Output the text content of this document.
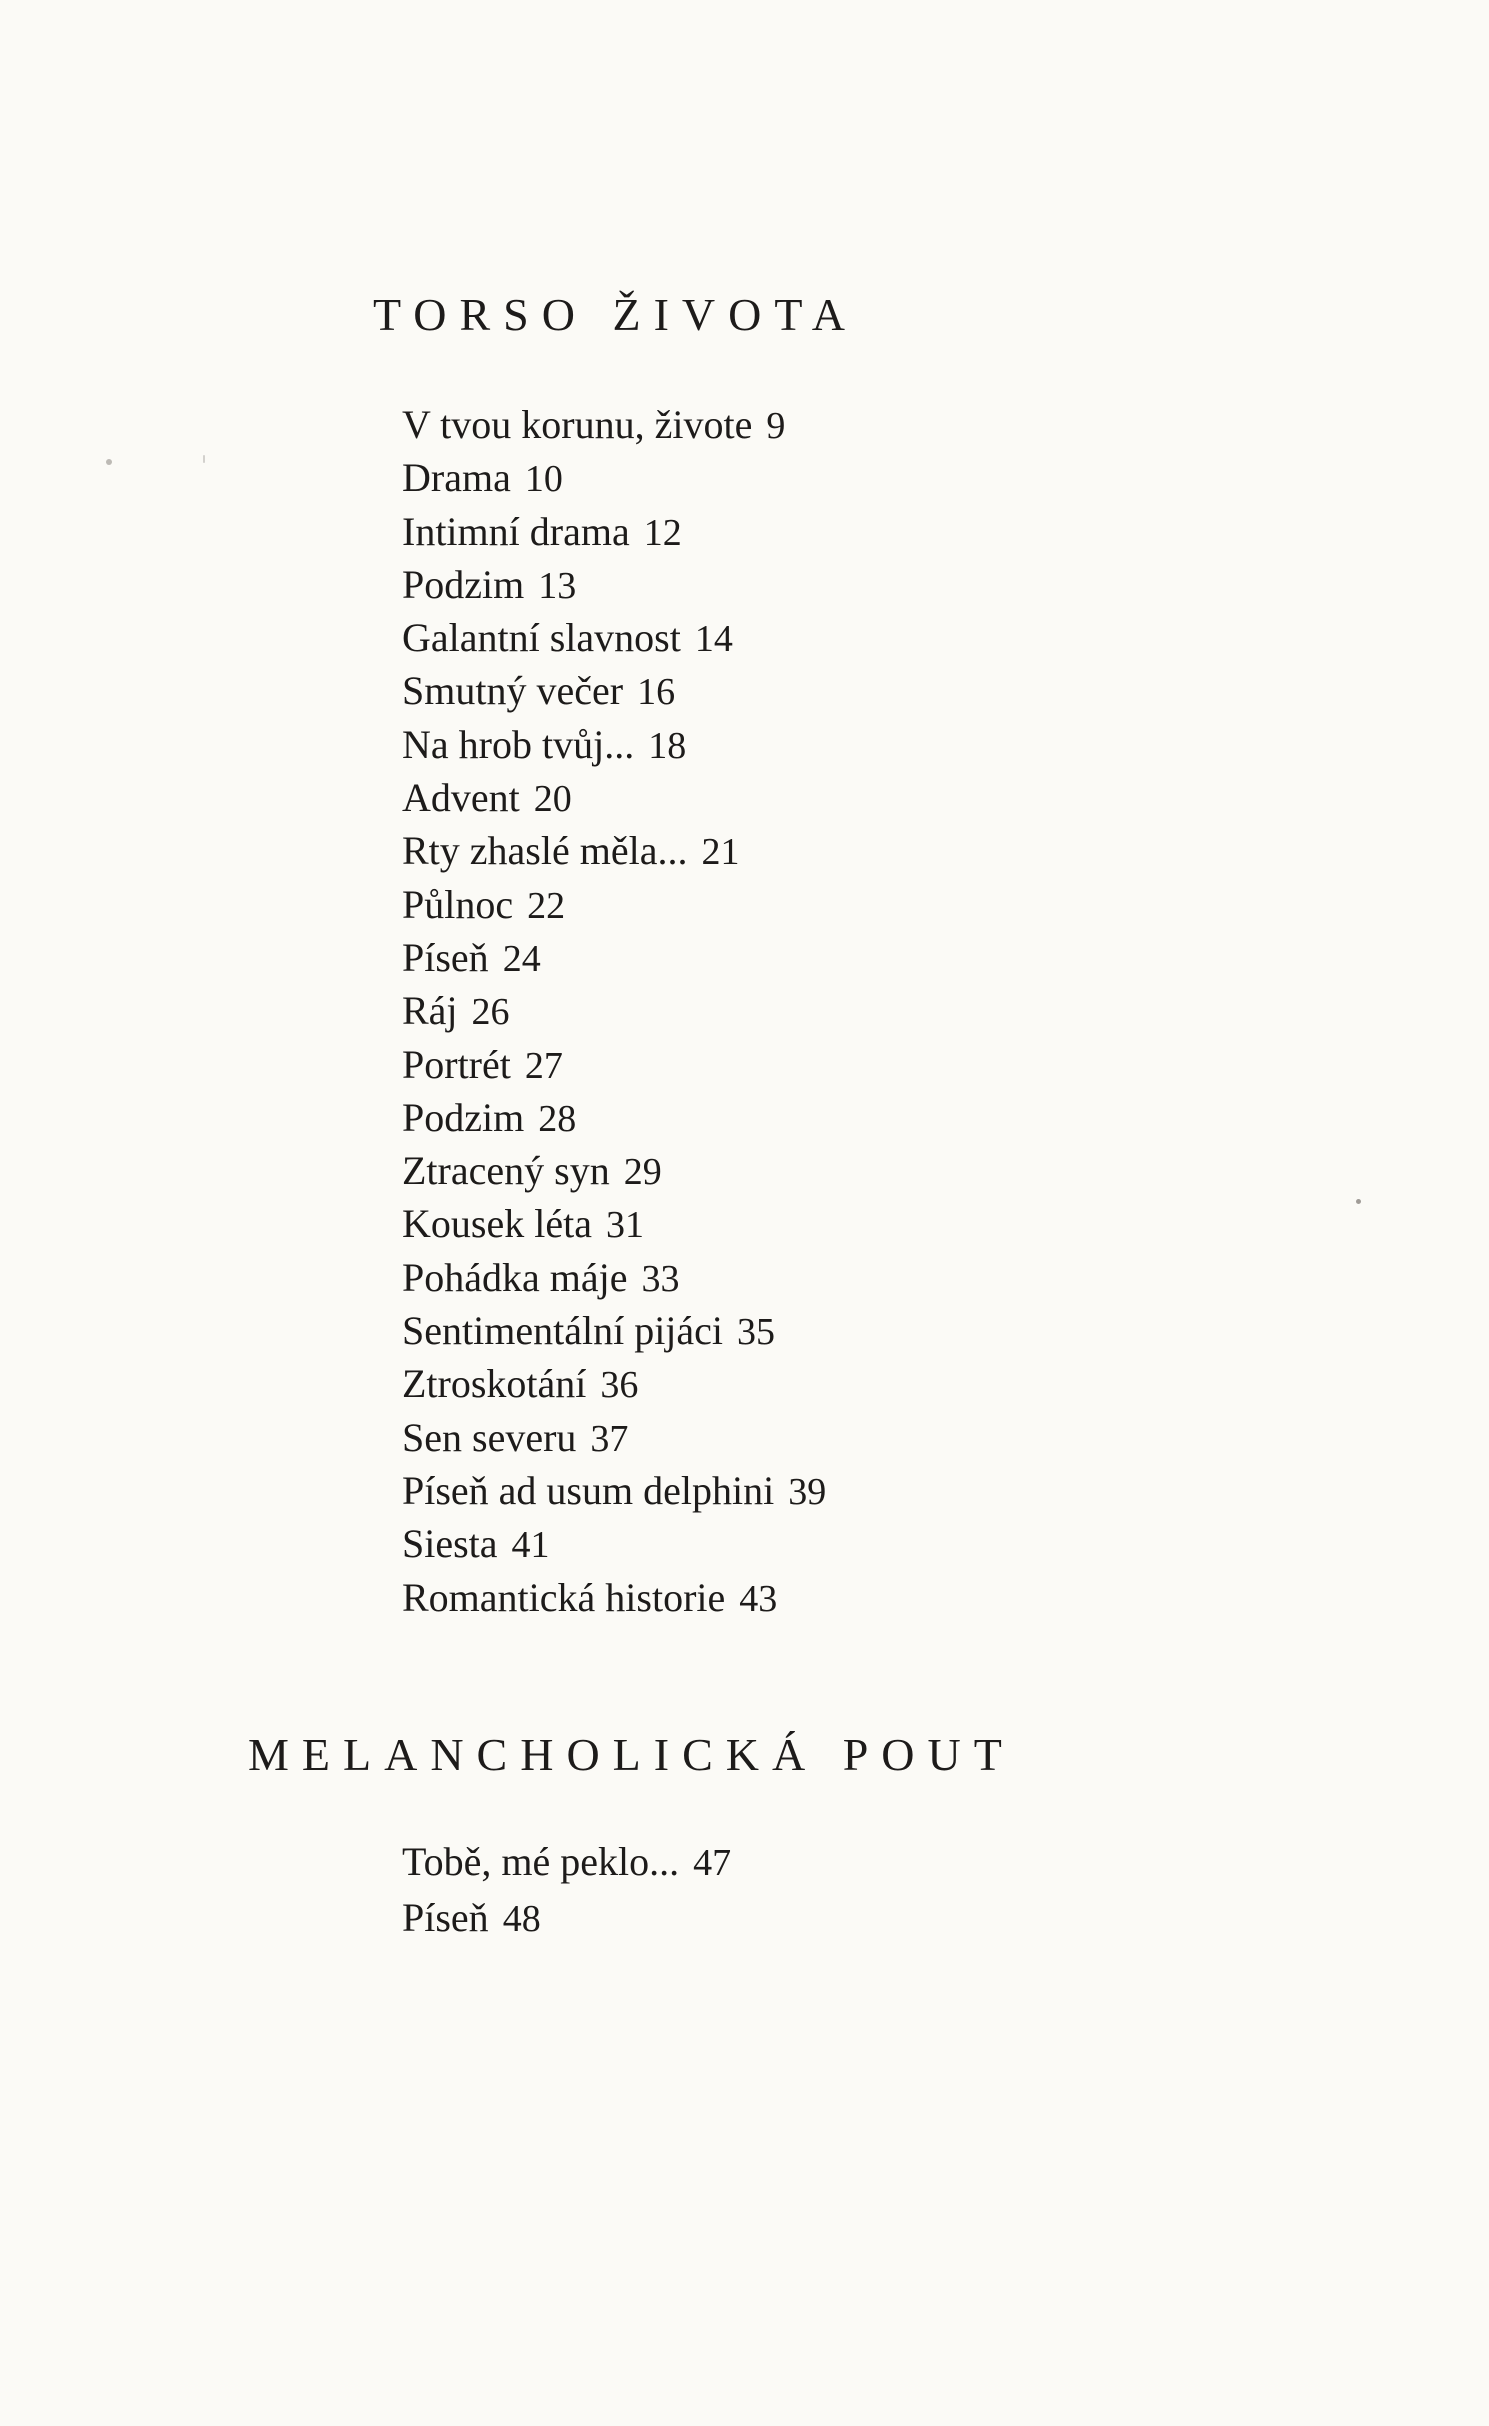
TORSO ŽIVOTA
V tvou korunu, živote 9
Drama 10
Intimní drama 12
Podzim 13
Galantní slavnost 14
Smutný večer 16
Na hrob tvůj... 18
Advent 20
Rty zhaslé měla... 21
Půlnoc 22
Píseň 24
Ráj 26
Portrét 27
Podzim 28
Ztracený syn 29
Kousek léta 31
Pohádka máje 33
Sentimentální pijáci 35
Ztroskotání 36
Sen severu 37
Píseň ad usum delphini 39
Siesta 41
Romantická historie 43
MELANCHOLICKÁ POUT
Tobě, mé peklo... 47
Píseň 48
